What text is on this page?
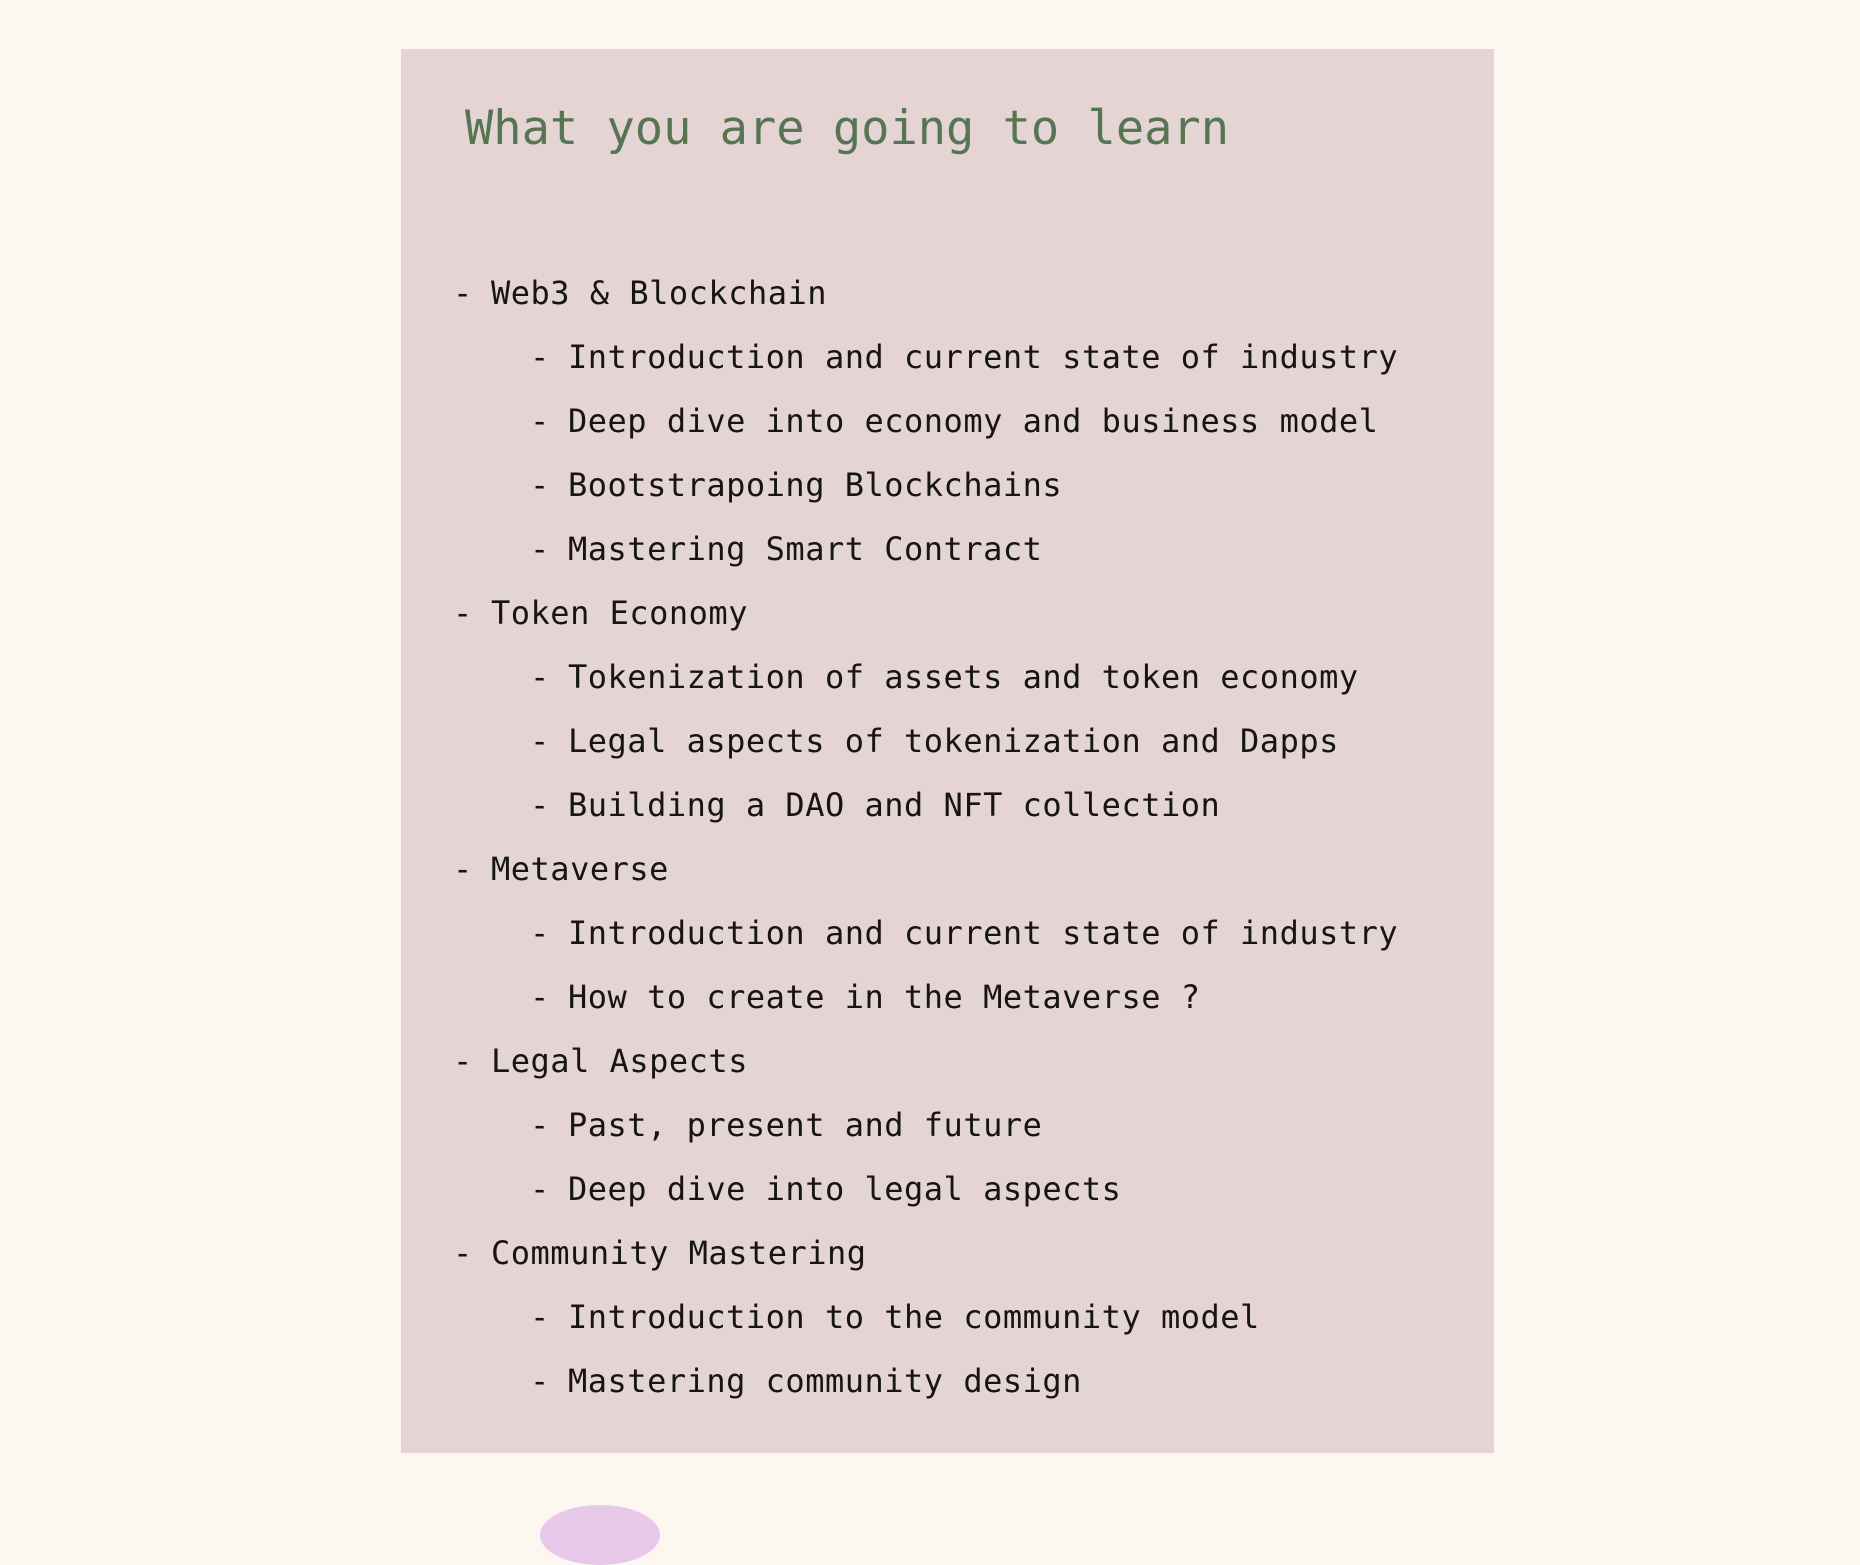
What you are going to learn
- Web3 & Blockchain
- Introduction and current state of industry
- Deep dive into economy and business model
- Bootstrapoing Blockchains
- Mastering Smart Contract
- Token Economy
- Tokenization of assets and token economy
- Legal aspects of tokenization and Dapps
- Building a DAO and NFT collection
- Metaverse
- Introduction and current state of industry
- How to create in the Metaverse ?
- Legal Aspects
- Past, present and future
- Deep dive into legal aspects
- Community Mastering
- Introduction to the community model
- Mastering community design
